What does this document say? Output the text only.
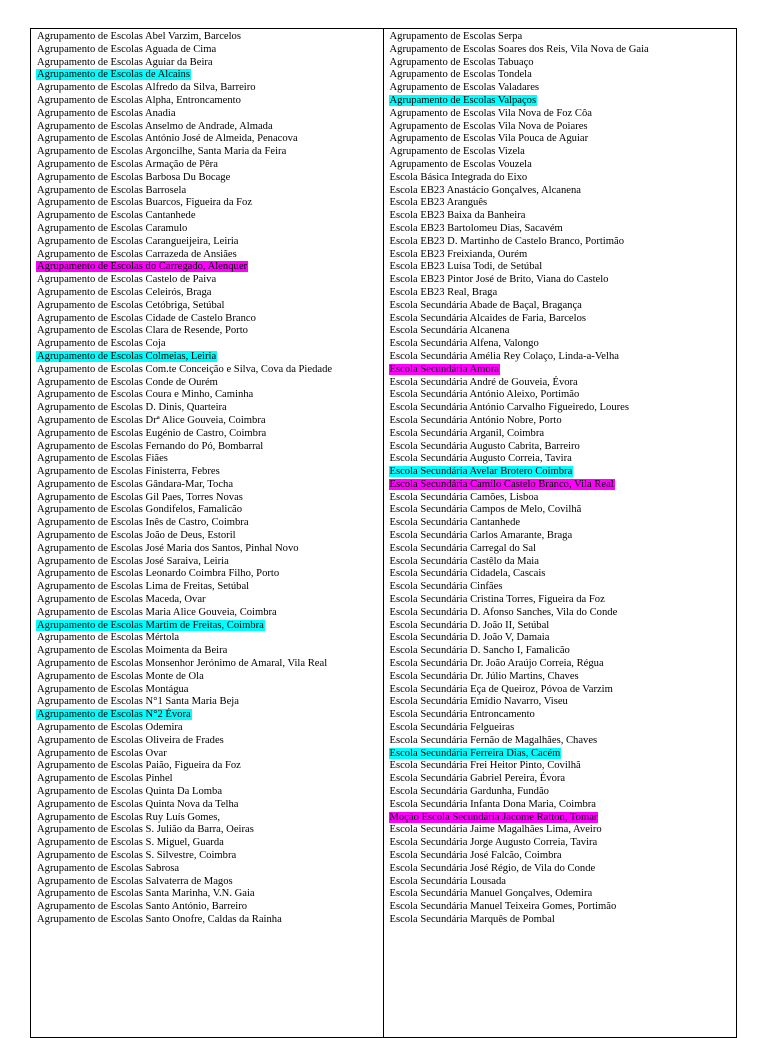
Agrupamento de Escolas Abel Varzim, Barcelos
Agrupamento de Escolas Aguada de Cima
Agrupamento de Escolas Aguiar da Beira
Agrupamento de Escolas de Alcains
Agrupamento de Escolas Alfredo da Silva, Barreiro
Agrupamento de Escolas Alpha, Entroncamento
Agrupamento de Escolas Anadia
Agrupamento de Escolas Anselmo de Andrade, Almada
Agrupamento de Escolas António José de Almeida, Penacova
Agrupamento de Escolas Argoncilhe, Santa Maria da Feira
Agrupamento de Escolas Armação de Pêra
Agrupamento de Escolas Barbosa Du Bocage
Agrupamento de Escolas Barrosela
Agrupamento de Escolas Buarcos, Figueira da Foz
Agrupamento de Escolas Cantanhede
Agrupamento de Escolas Caramulo
Agrupamento de Escolas Carangueijeira, Leiria
Agrupamento de Escolas Carrazeda de Ansiães
Agrupamento de Escolas do Carregado, Alenquer
Agrupamento de Escolas Castelo de Paiva
Agrupamento de Escolas Celeirós, Braga
Agrupamento de Escolas Cetóbriga, Setúbal
Agrupamento de Escolas Cidade de Castelo Branco
Agrupamento de Escolas Clara de Resende, Porto
Agrupamento de Escolas Coja
Agrupamento de Escolas Colmeias, Leiria
Agrupamento de Escolas Com.te Conceição e Silva, Cova da Piedade
Agrupamento de Escolas Conde de Ourém
Agrupamento de Escolas Coura e Minho, Caminha
Agrupamento de Escolas D. Dinis, Quarteira
Agrupamento de Escolas Drª Alice Gouveia, Coimbra
Agrupamento de Escolas Eugénio de Castro, Coimbra
Agrupamento de Escolas Fernando do Pó, Bombarral
Agrupamento de Escolas Fiães
Agrupamento de Escolas Finisterra, Febres
Agrupamento de Escolas Gândara-Mar, Tocha
Agrupamento de Escolas Gil Paes, Torres Novas
Agrupamento de Escolas Gondifelos, Famalicão
Agrupamento de Escolas Inês de Castro, Coimbra
Agrupamento de Escolas João de Deus, Estoril
Agrupamento de Escolas José Maria dos Santos, Pinhal Novo
Agrupamento de Escolas José Saraiva, Leiria
Agrupamento de Escolas Leonardo Coimbra Filho, Porto
Agrupamento de Escolas Lima de Freitas, Setúbal
Agrupamento de Escolas Maceda, Ovar
Agrupamento de Escolas Maria Alice Gouveia, Coimbra
Agrupamento de Escolas Martim de Freitas, Coimbra
Agrupamento de Escolas Mértola
Agrupamento de Escolas Moimenta da Beira
Agrupamento de Escolas Monsenhor Jerónimo de Amaral, Vila Real
Agrupamento de Escolas Monte de Ola
Agrupamento de Escolas Montágua
Agrupamento de Escolas N°1 Santa Maria Beja
Agrupamento de Escolas N°2 Évora
Agrupamento de Escolas Odemira
Agrupamento de Escolas Oliveira de Frades
Agrupamento de Escolas Ovar
Agrupamento de Escolas Paião, Figueira da Foz
Agrupamento de Escolas Pinhel
Agrupamento de Escolas Quinta Da Lomba
Agrupamento de Escolas Quinta Nova da Telha
Agrupamento de Escolas Ruy Luís Gomes,
Agrupamento de Escolas S. Julião da Barra, Oeiras
Agrupamento de Escolas S. Miguel, Guarda
Agrupamento de Escolas S. Silvestre, Coimbra
Agrupamento de Escolas Sabrosa
Agrupamento de Escolas Salvaterra de Magos
Agrupamento de Escolas Santa Marinha, V.N. Gaia
Agrupamento de Escolas Santo António, Barreiro
Agrupamento de Escolas Santo Onofre, Caldas da Rainha
Agrupamento de Escolas Serpa
Agrupamento de Escolas Soares dos Reis, Vila Nova de Gaia
Agrupamento de Escolas Tabuaço
Agrupamento de Escolas Tondela
Agrupamento de Escolas Valadares
Agrupamento de Escolas Valpaços
Agrupamento de Escolas Vila Nova de Foz Côa
Agrupamento de Escolas Vila Nova de Poiares
Agrupamento de Escolas Vila Pouca de Aguiar
Agrupamento de Escolas Vizela
Agrupamento de Escolas Vouzela
Escola Básica Integrada do Eixo
Escola EB23 Anastácio Gonçalves, Alcanena
Escola EB23 Aranguês
Escola EB23 Baixa da Banheira
Escola EB23 Bartolomeu Dias, Sacavém
Escola EB23 D. Martinho de Castelo Branco, Portimão
Escola EB23 Freixianda, Ourém
Escola EB23 Luísa Todi, de Setúbal
Escola EB23 Pintor José de Brito, Viana do Castelo
Escola EB23 Real, Braga
Escola Secundária Abade de Baçal, Bragança
Escola Secundária Alcaides de Faria, Barcelos
Escola Secundária Alcanena
Escola Secundária Alfena, Valongo
Escola Secundária Amélia Rey Colaço, Linda-a-Velha
Escola Secundária Amora
Escola Secundária André de Gouveia, Évora
Escola Secundária António Aleixo, Portimão
Escola Secundária António Carvalho Figueiredo, Loures
Escola Secundária António Nobre, Porto
Escola Secundária Arganil, Coimbra
Escola Secundária Augusto Cabrita, Barreiro
Escola Secundária Augusto Correia, Tavira
Escola Secundária Avelar Brotero Coimbra
Escola Secundária Camilo Castelo Branco, Vila Real
Escola Secundária Camões, Lisboa
Escola Secundária Campos de Melo, Covilhã
Escola Secundária Cantanhede
Escola Secundária Carlos Amarante, Braga
Escola Secundária Carregal do Sal
Escola Secundária Castêlo da Maia
Escola Secundária Cidadela, Cascais
Escola Secundária Cinfães
Escola Secundária Cristina Torres, Figueira da Foz
Escola Secundária D. Afonso Sanches, Vila do Conde
Escola Secundária D. João II, Setúbal
Escola Secundária D. João V, Damaia
Escola Secundária D. Sancho I, Famalicão
Escola Secundária Dr. João Araújo Correia, Régua
Escola Secundária Dr. Júlio Martins, Chaves
Escola Secundária Eça de Queiroz, Póvoa de Varzim
Escola Secundária Emídio Navarro, Viseu
Escola Secundária Entroncamento
Escola Secundária Felgueiras
Escola Secundária Fernão de Magalhães, Chaves
Escola Secundária Ferreira Dias, Cacém
Escola Secundária Frei Heitor Pinto, Covilhã
Escola Secundária Gabriel Pereira, Évora
Escola Secundária Gardunha, Fundão
Escola Secundária Infanta Dona Maria, Coimbra
Moção Escola Secundária Jacome Ratton, Tomar
Escola Secundária Jaime Magalhães Lima, Aveiro
Escola Secundária Jorge Augusto Correia, Tavira
Escola Secundária José Falcão, Coimbra
Escola Secundária José Régio, de Vila do Conde
Escola Secundária Lousada
Escola Secundária Manuel Gonçalves, Odemira
Escola Secundária Manuel Teixeira Gomes, Portimão
Escola Secundária Marquês de Pombal
